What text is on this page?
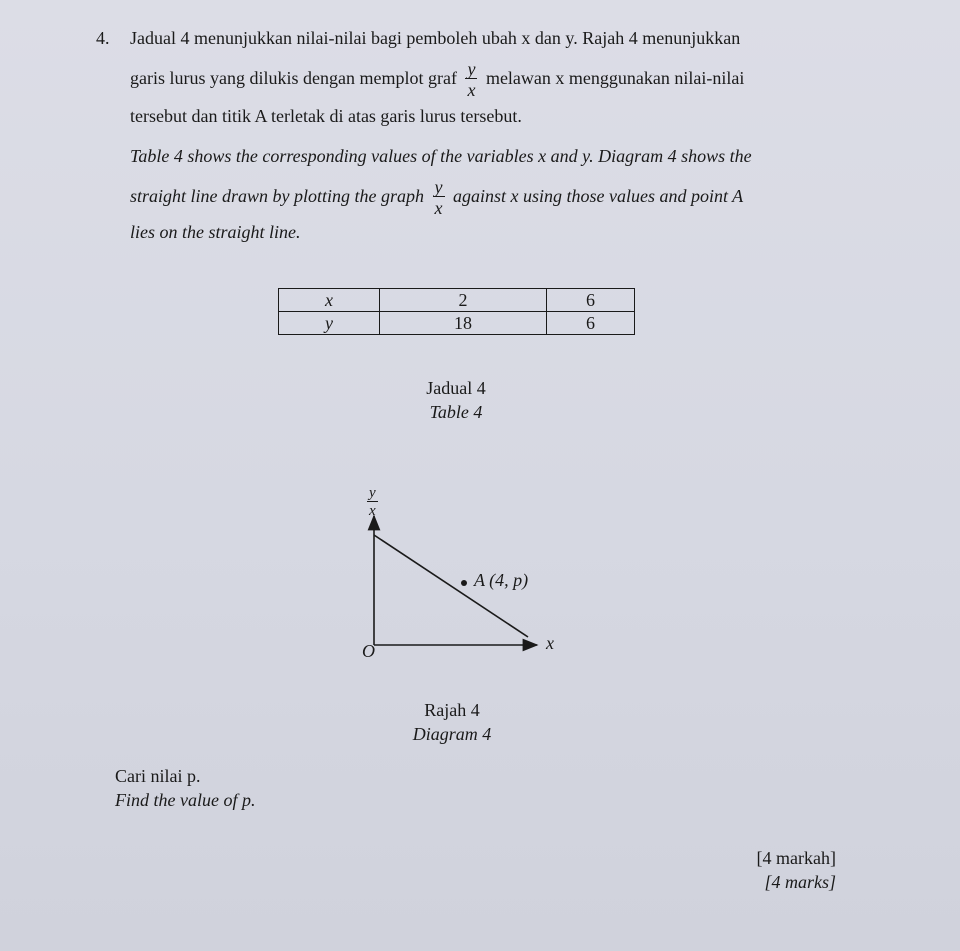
4. Jadual 4 menunjukkan nilai-nilai bagi pemboleh ubah x dan y. Rajah 4 menunjukkan
garis lurus yang dilukis dengan memplot graf $\frac{y}{x}$ melawan x menggunakan nilai-nilai
tersebut dan titik A terletak di atas garis lurus tersebut.
Table 4 shows the corresponding values of the variables x and y. Diagram 4 shows the
straight line drawn by plotting the graph $\frac{y}{x}$ against x using those values and point A
lies on the straight line.
x	2	6
y	18	6
Jadual 4
Table 4
$\frac{y}{x}$
x
O
A (4, p)
Rajah 4
Diagram 4
Cari nilai p.
Find the value of p.
[4 markah]
[4 marks]
